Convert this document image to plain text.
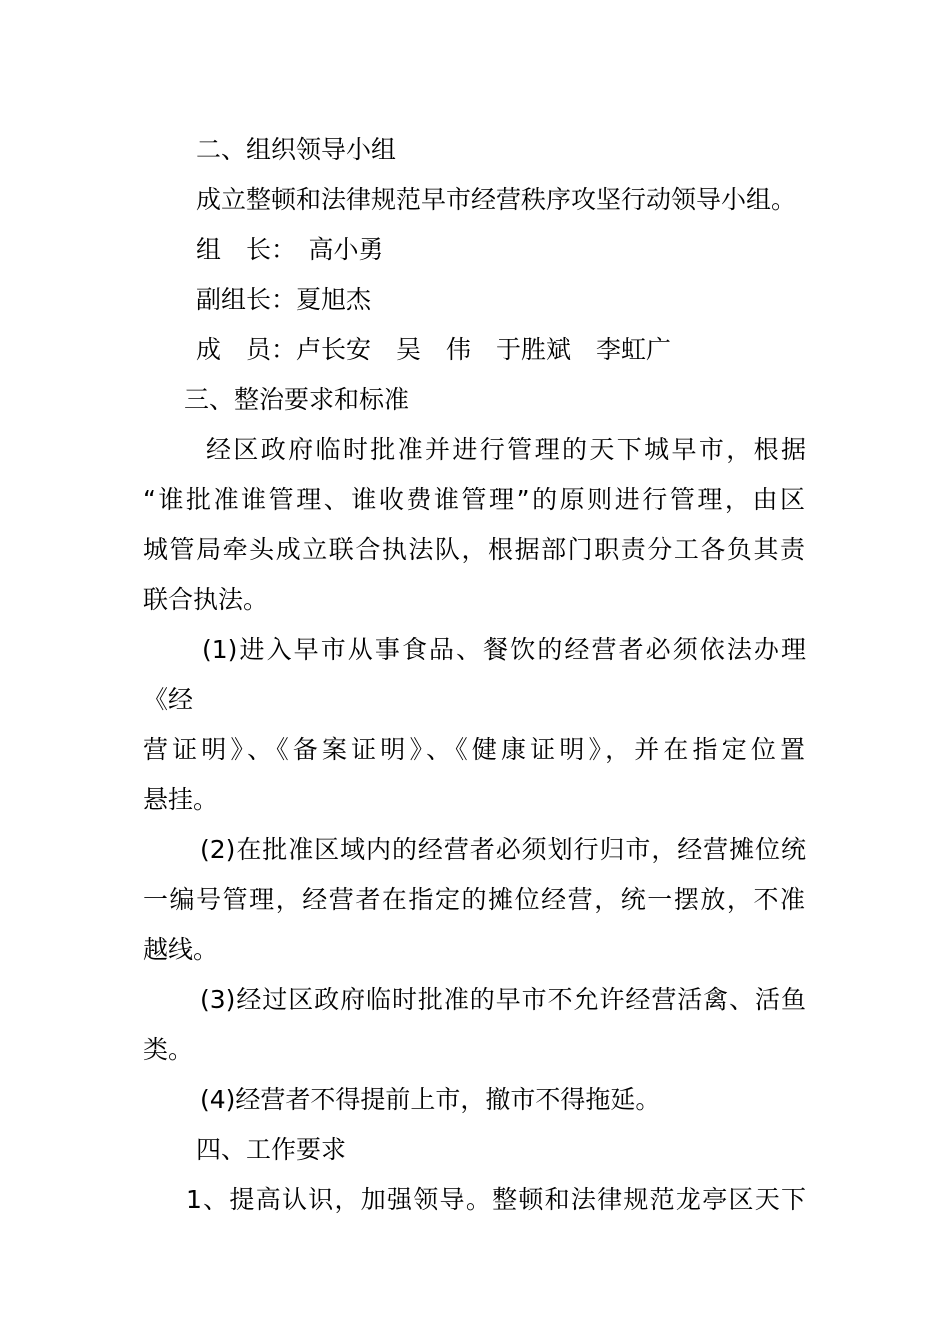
二、组织领导小组
成立整顿和法律规范早市经营秩序攻坚行动领导小组。
组　长：　高小勇
副组长：夏旭杰
成　员：卢长安　吴　伟　于胜斌　李虹广
三、整治要求和标准
经区政府临时批准并进行管理的天下城早市，根据
“谁批准谁管理、谁收费谁管理”的原则进行管理，由区
城管局牵头成立联合执法队，根据部门职责分工各负其责
联合执法。
(1)进入早市从事食品、餐饮的经营者必须依法办理
《经
营证明》、《备案证明》、《健康证明》，并在指定位置
悬挂。
(2)在批准区域内的经营者必须划行归市，经营摊位统
一编号管理，经营者在指定的摊位经营，统一摆放，不准
越线。
(3)经过区政府临时批准的早市不允许经营活禽、活鱼
类。
(4)经营者不得提前上市，撤市不得拖延。
四、工作要求
1、提高认识，加强领导。整顿和法律规范龙亭区天下
